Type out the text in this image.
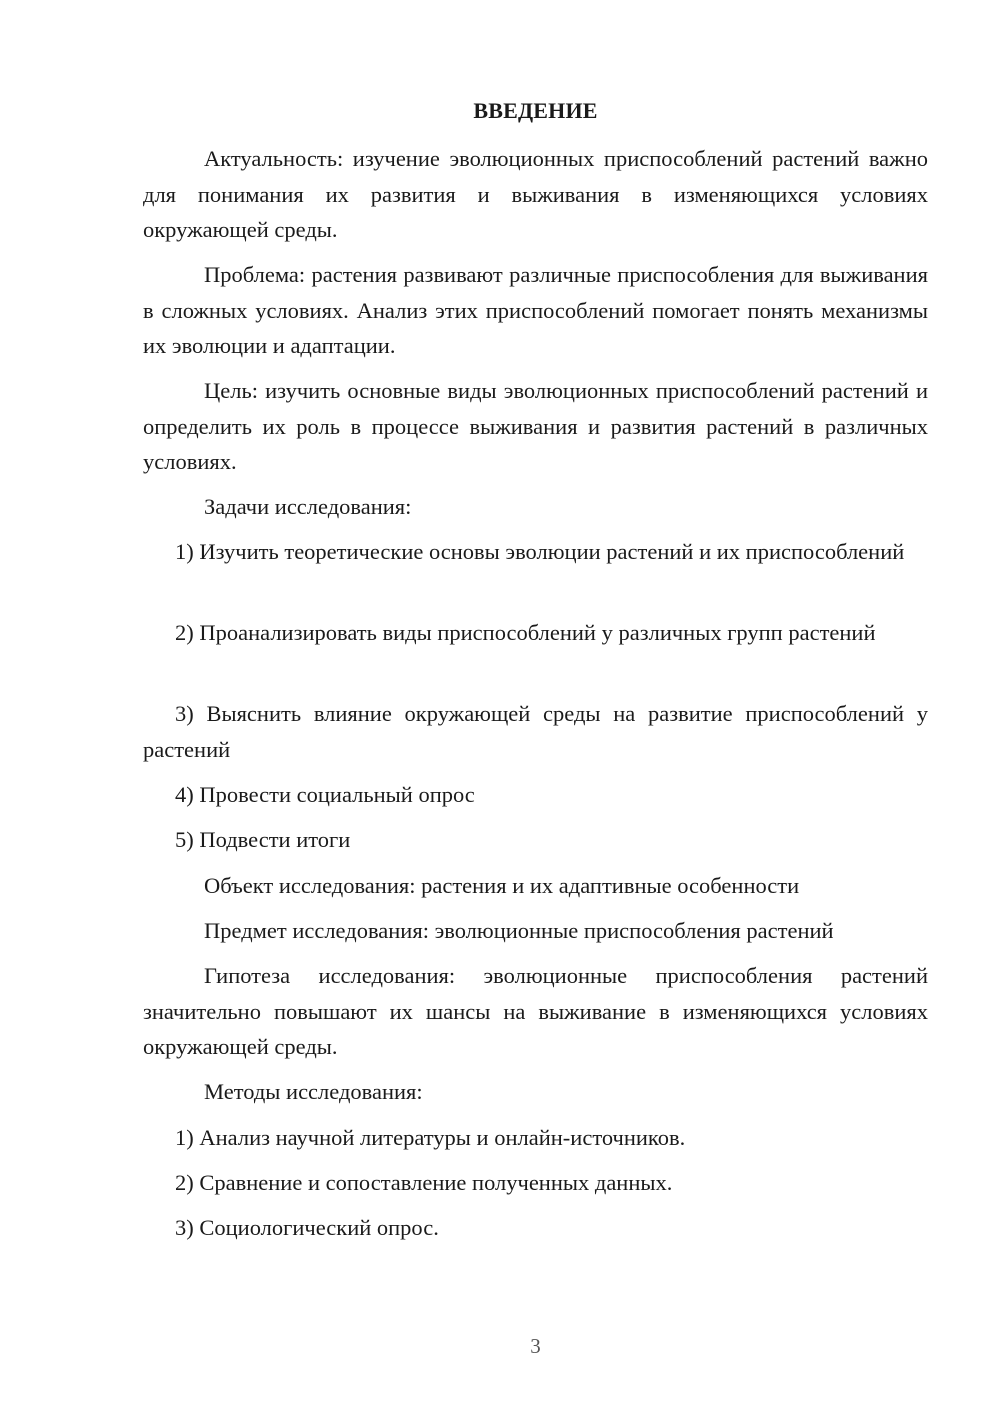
ВВЕДЕНИЕ

Актуальность: изучение эволюционных приспособлений растений важно для понимания их развития и выживания в изменяющихся условиях окружающей среды.

Проблема: растения развивают различные приспособления для выживания в сложных условиях. Анализ этих приспособлений помогает понять механизмы их эволюции и адаптации.

Цель: изучить основные виды эволюционных приспособлений растений и определить их роль в процессе выживания и развития растений в различных условиях.

Задачи исследования:

1) Изучить теоретические основы эволюции растений и их приспособлений

2) Проанализировать виды приспособлений у различных групп растений

3) Выяснить влияние окружающей среды на развитие приспособлений у растений

4) Провести социальный опрос

5) Подвести итоги

Объект исследования: растения и их адаптивные особенности

Предмет исследования: эволюционные приспособления растений

Гипотеза исследования: эволюционные приспособления растений значительно повышают их шансы на выживание в изменяющихся условиях окружающей среды.

Методы исследования:

1) Анализ научной литературы и онлайн-источников.

2) Сравнение и сопоставление полученных данных.

3) Социологический опрос.

3
